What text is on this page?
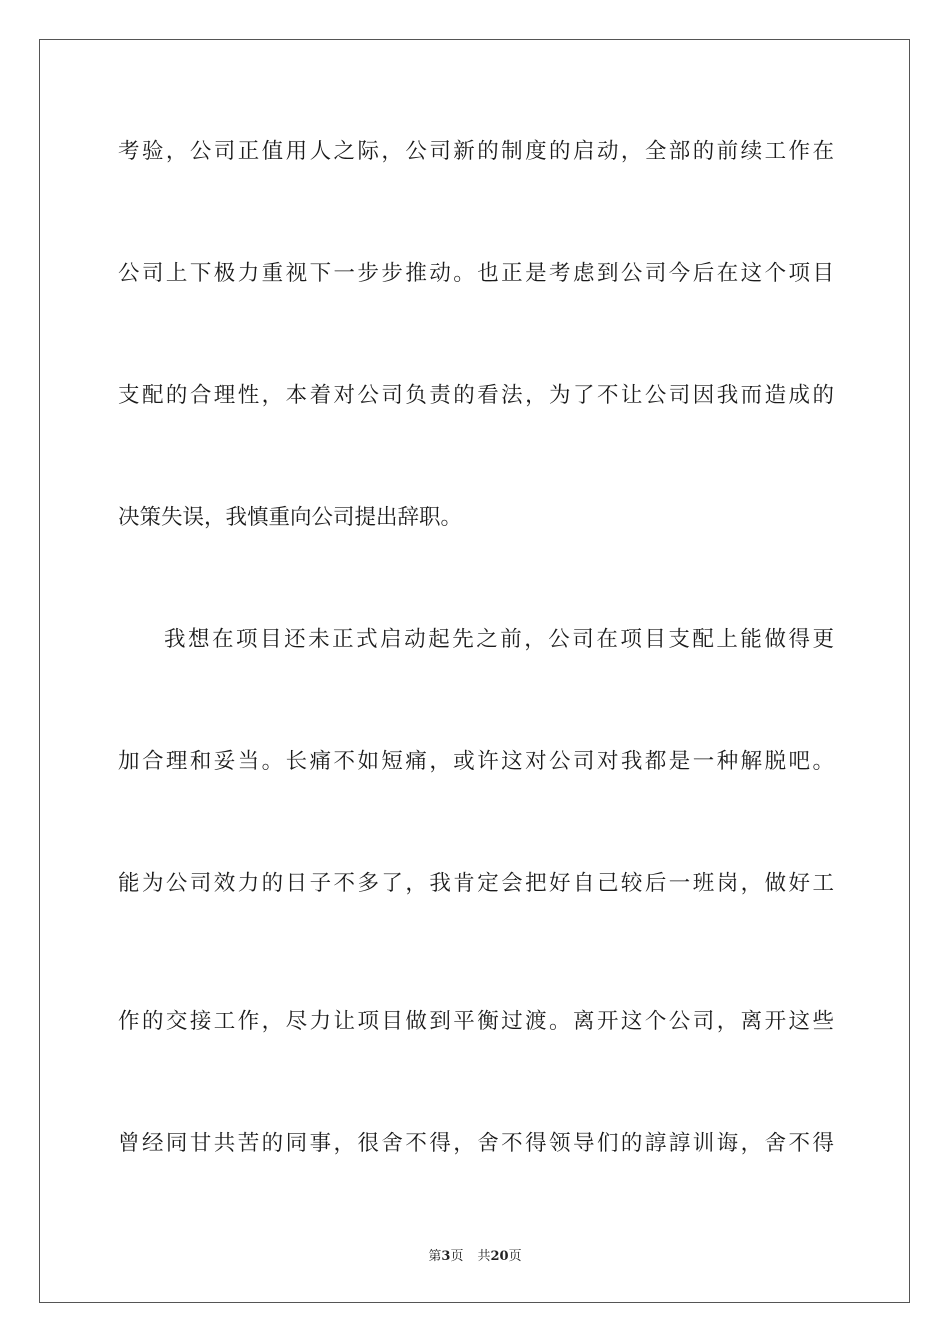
考验，公司正值用人之际，公司新的制度的启动，全部的前续工作在
公司上下极力重视下一步步推动。也正是考虑到公司今后在这个项目
支配的合理性，本着对公司负责的看法，为了不让公司因我而造成的
决策失误，我慎重向公司提出辞职。
我想在项目还未正式启动起先之前，公司在项目支配上能做得更
加合理和妥当。长痛不如短痛，或许这对公司对我都是一种解脱吧。
能为公司效力的日子不多了，我肯定会把好自己较后一班岗，做好工
作的交接工作，尽力让项目做到平衡过渡。离开这个公司，离开这些
曾经同甘共苦的同事，很舍不得，舍不得领导们的諄諄训诲，舍不得
第3页 共20页
